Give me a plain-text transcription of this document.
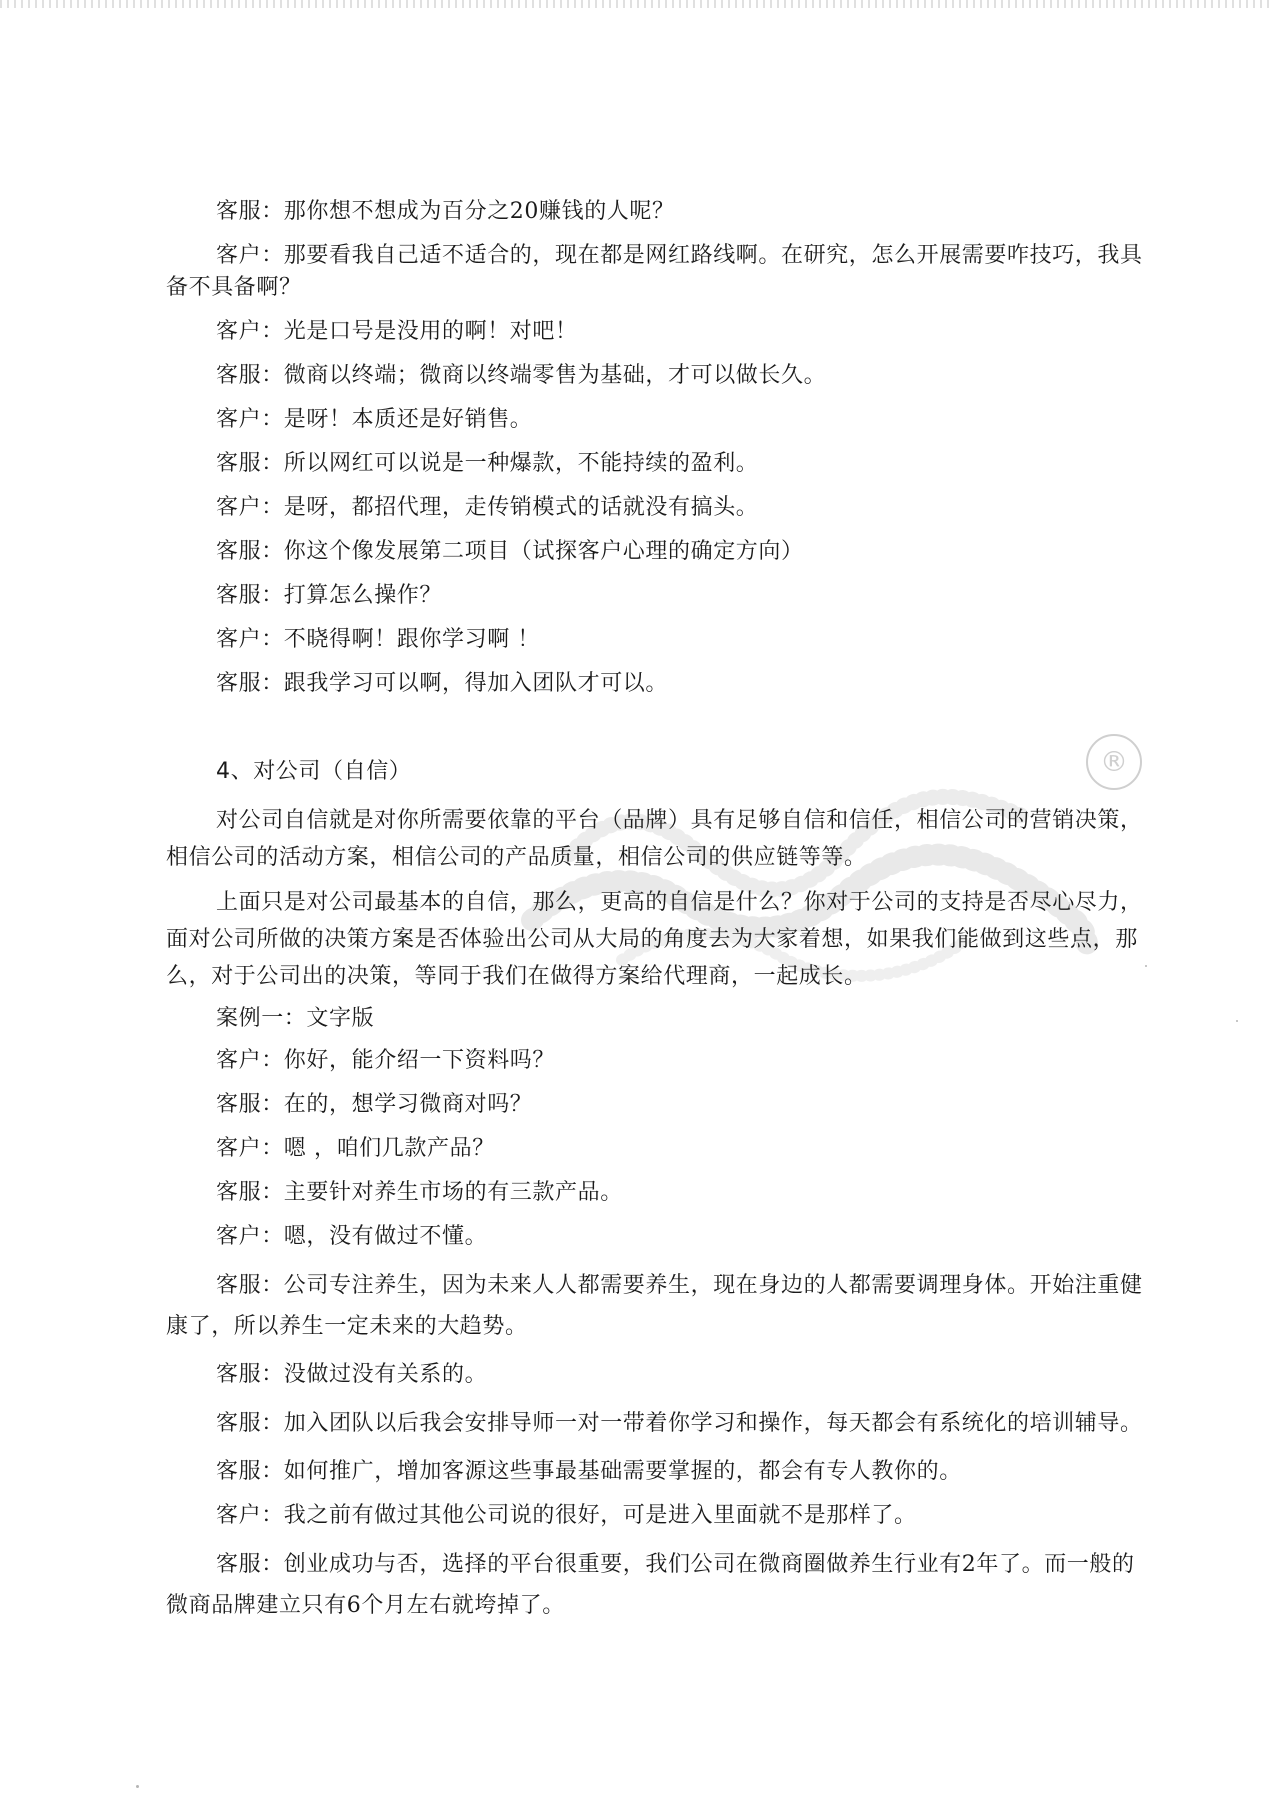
®

客服：那你想不想成为百分之20赚钱的人呢？

客户：那要看我自己适不适合的，现在都是网红路线啊。在研究，怎么开展需要咋技巧，我具备不具备啊？

客户：光是口号是没用的啊！对吧！

客服：微商以终端；微商以终端零售为基础，才可以做长久。

客户：是呀！本质还是好销售。

客服：所以网红可以说是一种爆款，不能持续的盈利。

客户：是呀，都招代理，走传销模式的话就没有搞头。

客服：你这个像发展第二项目（试探客户心理的确定方向）

客服：打算怎么操作？

客户：不晓得啊！跟你学习啊 ！

客服：跟我学习可以啊，得加入团队才可以。

4、对公司（自信）

对公司自信就是对你所需要依靠的平台（品牌）具有足够自信和信任，相信公司的营销决策，相信公司的活动方案，相信公司的产品质量，相信公司的供应链等等。

上面只是对公司最基本的自信，那么，更高的自信是什么？你对于公司的支持是否尽心尽力，面对公司所做的决策方案是否体验出公司从大局的角度去为大家着想，如果我们能做到这些点，那么，对于公司出的决策，等同于我们在做得方案给代理商，一起成长。

案例一：文字版

客户：你好，能介绍一下资料吗？

客服：在的，想学习微商对吗？

客户：嗯 ，咱们几款产品？

客服：主要针对养生市场的有三款产品。

客户：嗯，没有做过不懂。

客服：公司专注养生，因为未来人人都需要养生，现在身边的人都需要调理身体。开始注重健康了，所以养生一定未来的大趋势。

客服：没做过没有关系的。

客服：加入团队以后我会安排导师一对一带着你学习和操作，每天都会有系统化的培训辅导。

客服：如何推广，增加客源这些事最基础需要掌握的，都会有专人教你的。

客户：我之前有做过其他公司说的很好，可是进入里面就不是那样了。

客服：创业成功与否，选择的平台很重要，我们公司在微商圈做养生行业有2年了。而一般的微商品牌建立只有6个月左右就垮掉了。
